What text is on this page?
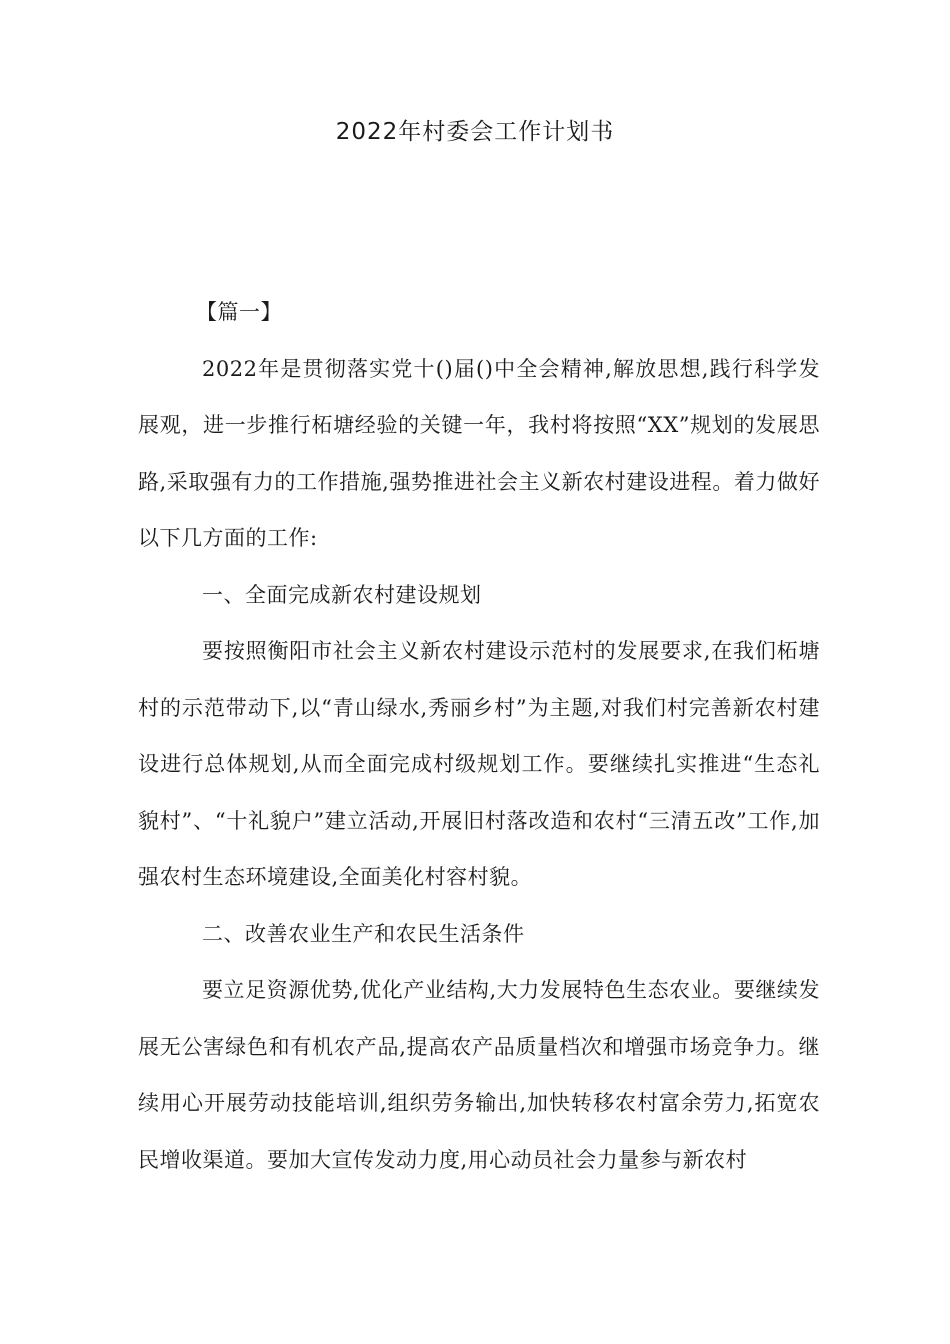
2022年村委会工作计划书

【篇一】

2022年是贯彻落实党十()届()中全会精神,解放思想,践行科学发展观，进一步推行柘塘经验的关键一年，我村将按照“XX”规划的发展思路,采取强有力的工作措施,强势推进社会主义新农村建设进程。着力做好以下几方面的工作:

一、全面完成新农村建设规划

要按照衡阳市社会主义新农村建设示范村的发展要求,在我们柘塘村的示范带动下,以“青山绿水,秀丽乡村”为主题,对我们村完善新农村建设进行总体规划,从而全面完成村级规划工作。要继续扎实推进“生态礼貌村”、“十礼貌户”建立活动,开展旧村落改造和农村“三清五改”工作,加强农村生态环境建设,全面美化村容村貌。

二、改善农业生产和农民生活条件

要立足资源优势,优化产业结构,大力发展特色生态农业。要继续发展无公害绿色和有机农产品,提高农产品质量档次和增强市场竞争力。继续用心开展劳动技能培训,组织劳务输出,加快转移农村富余劳力,拓宽农民增收渠道。要加大宣传发动力度,用心动员社会力量参与新农村
